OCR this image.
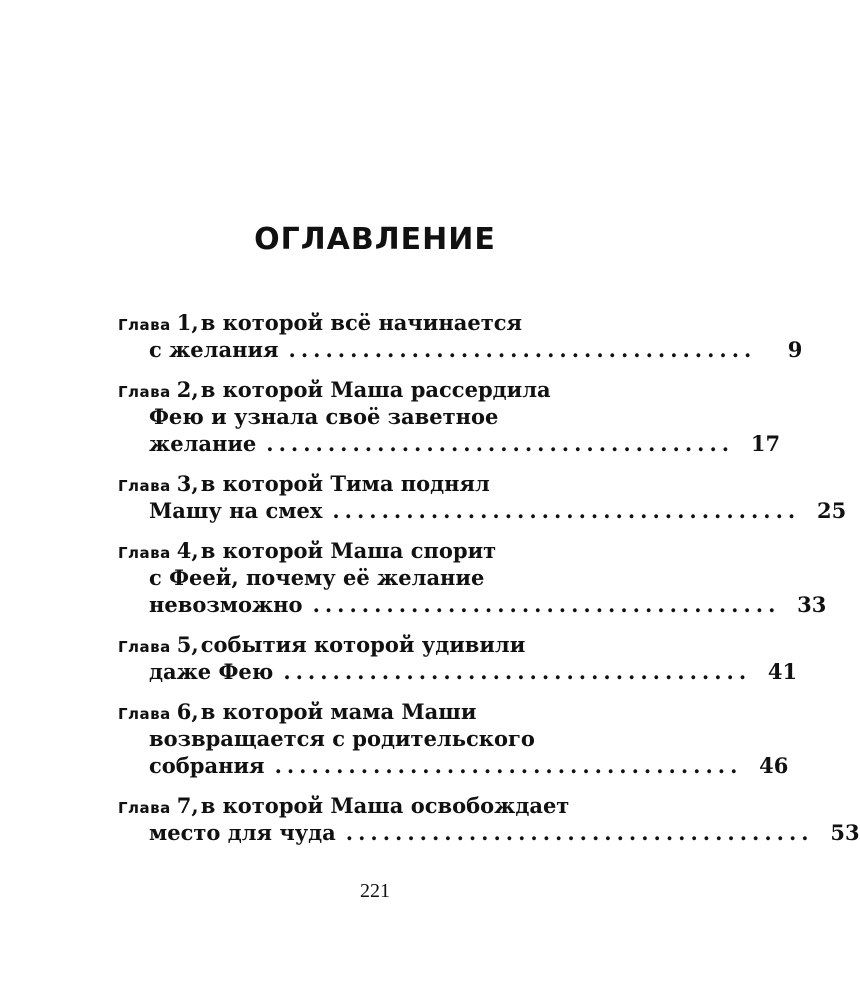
ОГЛАВЛЕНИЕ
Глава 1, в которой всё начинается
с желания ......................................	9
Глава 2, в которой Маша рассердила
Фею и узнала своё заветное
желание ...................................... 17
Глава 3, в которой Тима поднял
Машу на смех ...................................... 25
Глава 4, в которой Маша спорит
с Феей, почему её желание
невозможно ...................................... 33
Глава 5, события которой удивили
даже Фею ...................................... 41
Глава 6, в которой мама Маши
возвращается с родительского
собрания ...................................... 46
Глава 7, в которой Маша освобождает
место для чуда ...................................... 53
221
